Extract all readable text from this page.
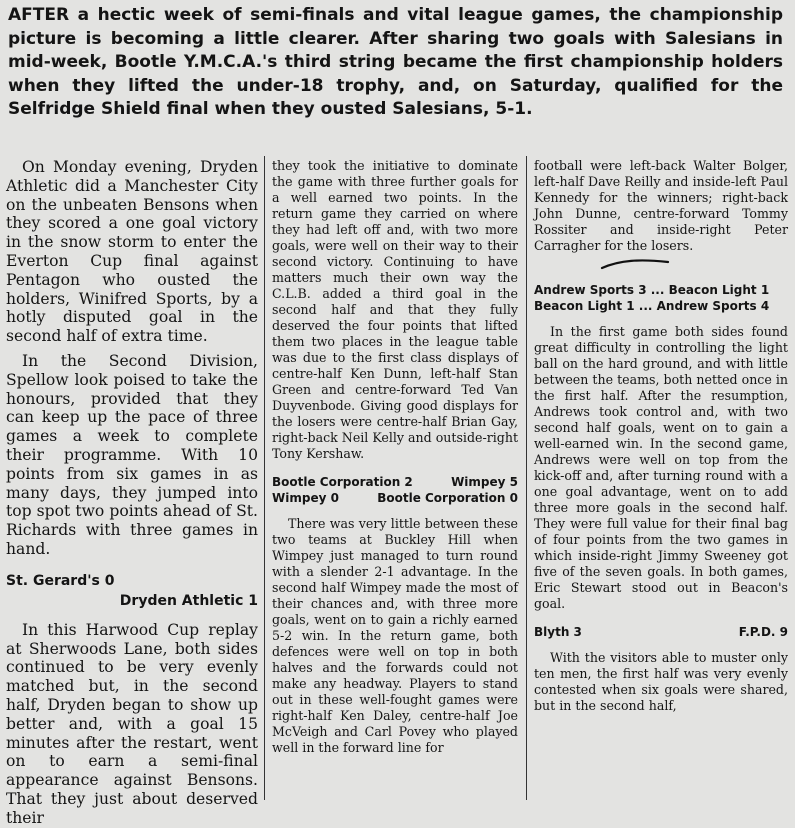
AFTER a hectic week of semi-finals and vital league games, the championship picture is becoming a little clearer. After sharing two goals with Salesians in mid-week, Bootle Y.M.C.A.'s third string became the first championship holders when they lifted the under-18 trophy, and, on Saturday, qualified for the Selfridge Shield final when they ousted Salesians, 5-1.

On Monday evening, Dryden Athletic did a Manchester City on the unbeaten Bensons when they scored a one goal victory in the snow storm to enter the Everton Cup final against Pentagon who ousted the holders, Winifred Sports, by a hotly disputed goal in the second half of extra time.

In the Second Division, Spellow look poised to take the honours, provided that they can keep up the pace of three games a week to complete their programme. With 10 points from six games in as many days, they jumped into top spot two points ahead of St. Richards with three games in hand.

St. Gerard's 0
Dryden Athletic 1

In this Harwood Cup replay at Sherwoods Lane, both sides continued to be very evenly matched but, in the second half, Dryden began to show up better and, with a goal 15 minutes after the restart, went on to earn a semi-final appearance against Bensons. That they just about deserved their

they took the initiative to dominate the game with three further goals for a well earned two points. In the return game they carried on where they had left off and, with two more goals, were well on their way to their second victory. Continuing to have matters much their own way the C.L.B. added a third goal in the second half and that they fully deserved the four points that lifted them two places in the league table was due to the first class displays of centre-half Ken Dunn, left-half Stan Green and centre-forward Ted Van Duyvenbode. Giving good displays for the losers were centre-half Brian Gay, right-back Neil Kelly and outside-right Tony Kershaw.

Bootle Corporation 2	Wimpey 5
Wimpey 0	Bootle Corporation 0

There was very little between these two teams at Buckley Hill when Wimpey just managed to turn round with a slender 2-1 advantage. In the second half Wimpey made the most of their chances and, with three more goals, went on to gain a richly earned 5-2 win. In the return game, both defences were well on top in both halves and the forwards could not make any headway. Players to stand out in these well-fought games were right-half Ken Daley, centre-half Joe McVeigh and Carl Povey who played well in the forward line for

football were left-back Walter Bolger, left-half Dave Reilly and inside-left Paul Kennedy for the winners; right-back John Dunne, centre-forward Tommy Rossiter and inside-right Peter Carragher for the losers.

Andrew Sports 3 ... Beacon Light 1
Beacon Light 1 ... Andrew Sports 4

In the first game both sides found great difficulty in controlling the light ball on the hard ground, and with little between the teams, both netted once in the first half. After the resumption, Andrews took control and, with two second half goals, went on to gain a well-earned win. In the second game, Andrews were well on top from the kick-off and, after turning round with a one goal advantage, went on to add three more goals in the second half. They were full value for their final bag of four points from the two games in which inside-right Jimmy Sweeney got five of the seven goals. In both games, Eric Stewart stood out in Beacon's goal.

Blyth 3	F.P.D. 9

With the visitors able to muster only ten men, the first half was very evenly contested when six goals were shared, but in the second half,
